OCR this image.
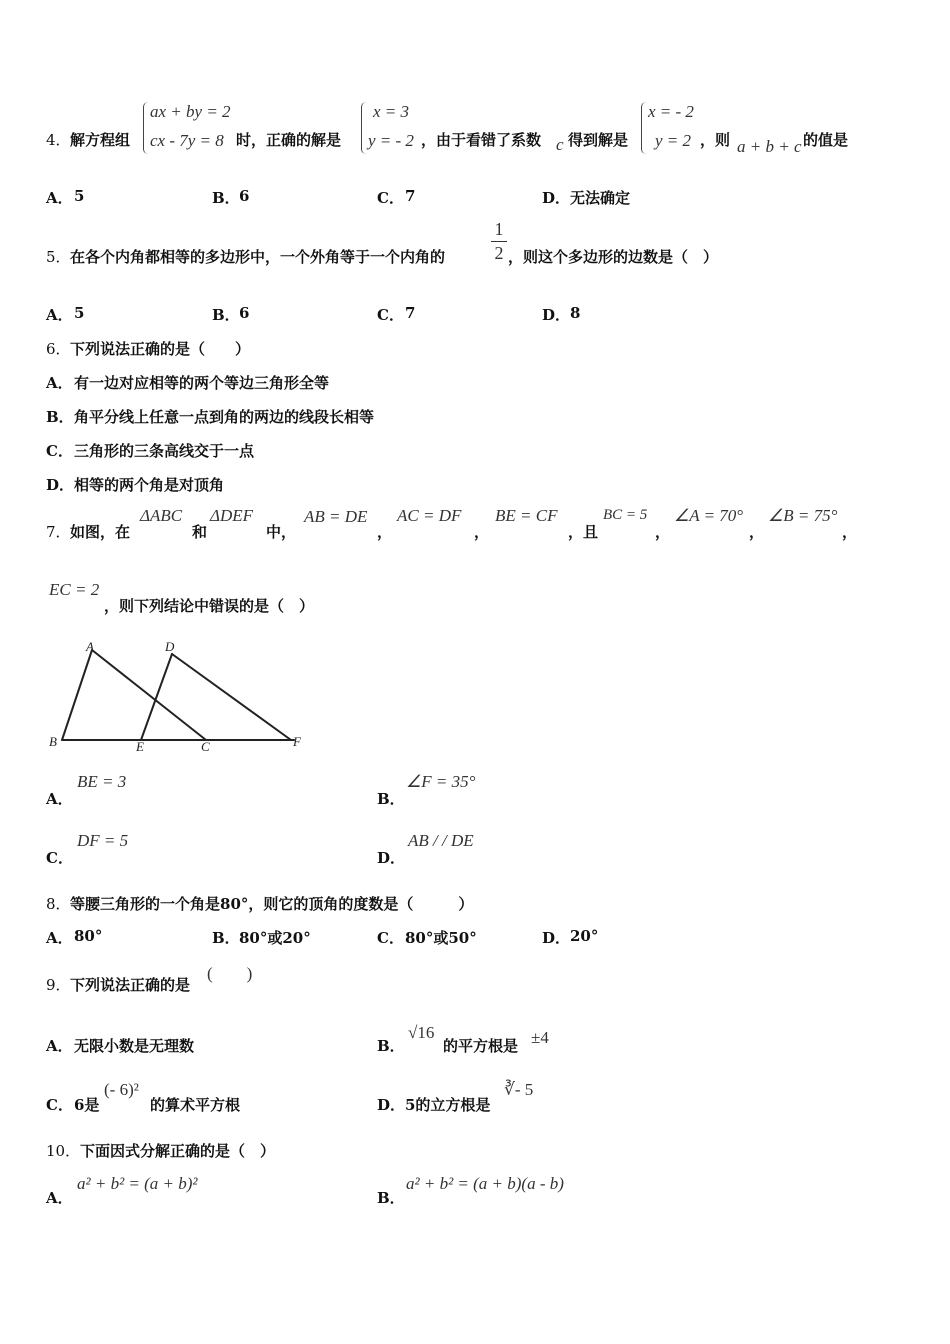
4． 解方程组
ax + by = 2
cx - 7y = 8 时，正确的解是
x = 3
y = - 2 ，由于看错了系数 c 得到解是
x = - 2
y = 2 ，则 a + b + c 的值是
A． 5	B． 6	C． 7	D． 无法确定
5． 在各个内角都相等的多边形中，一个外角等于一个内角的
1
2 ，则这个多边形的边数是（　）
A． 5	B． 6	C． 7	D． 8
6． 下列说法正确的是（　　）
A． 有一边对应相等的两个等边三角形全等
B． 角平分线上任意一点到角的两边的线段长相等
C． 三角形的三条高线交于一点
D． 相等的两个角是对顶角
7． 如图，在
ΔABC
和
ΔDEF
中，
AB = DE
，
AC = DF
，
BE = CF
，且
BC = 5
，
∠A = 70°
，
∠B = 75°
，
EC = 2
，则下列结论中错误的是（　）
A	D
B	E	C	F
A．
BE = 3
B．
∠F = 35°
C．
DF = 5
D．
AB / / DE
8． 等腰三角形的一个角是80°，则它的顶角的度数是（　　　）
A． 80°	B． 80°或20°	C． 80°或50°	D． 20°
9． 下列说法正确的是
(　　)
A． 无限小数是无理数	B．
√16
的平方根是 ±4
C． 6是
(- 6)²
的算术平方根	D． 5的立方根是
∛- 5
10． 下面因式分解正确的是（　）
A．
a² + b² = (a + b)²
B．
a² + b² = (a + b)(a - b)
